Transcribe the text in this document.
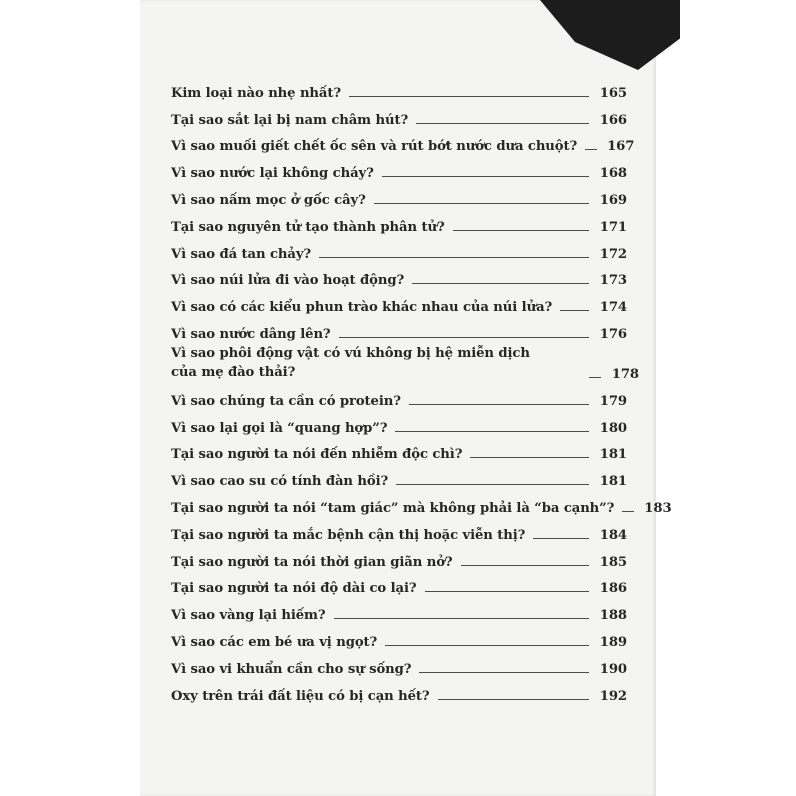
Kim loại nào nhẹ nhất?	165
Tại sao sắt lại bị nam châm hút?	166
Vì sao muối giết chết ốc sên và rút bớt nước dưa chuột? 167
Vì sao nước lại không cháy?	168
Vì sao nấm mọc ở gốc cây?	169
Tại sao nguyên tử tạo thành phân tử?	171
Vì sao đá tan chảy?	172
Vì sao núi lửa đi vào hoạt động?	173
Vì sao có các kiểu phun trào khác nhau của núi lửa?	174
Vì sao nước dâng lên?	176
Vì sao phôi động vật có vú không bị hệ miễn dịch
của mẹ đào thải?	178
Vì sao chúng ta cần có protein?	179
Vì sao lại gọi là “quang hợp”?	180
Tại sao người ta nói đến nhiễm độc chì?	181
Vì sao cao su có tính đàn hồi?	181
Tại sao người ta nói “tam giác” mà không phải là “ba cạnh”? 183
Tại sao người ta mắc bệnh cận thị hoặc viễn thị?	184
Tại sao người ta nói thời gian giãn nở?	185
Tại sao người ta nói độ dài co lại?	186
Vì sao vàng lại hiếm?	188
Vì sao các em bé ưa vị ngọt?	189
Vì sao vi khuẩn cần cho sự sống?	190
Oxy trên trái đất liệu có bị cạn hết?	192
